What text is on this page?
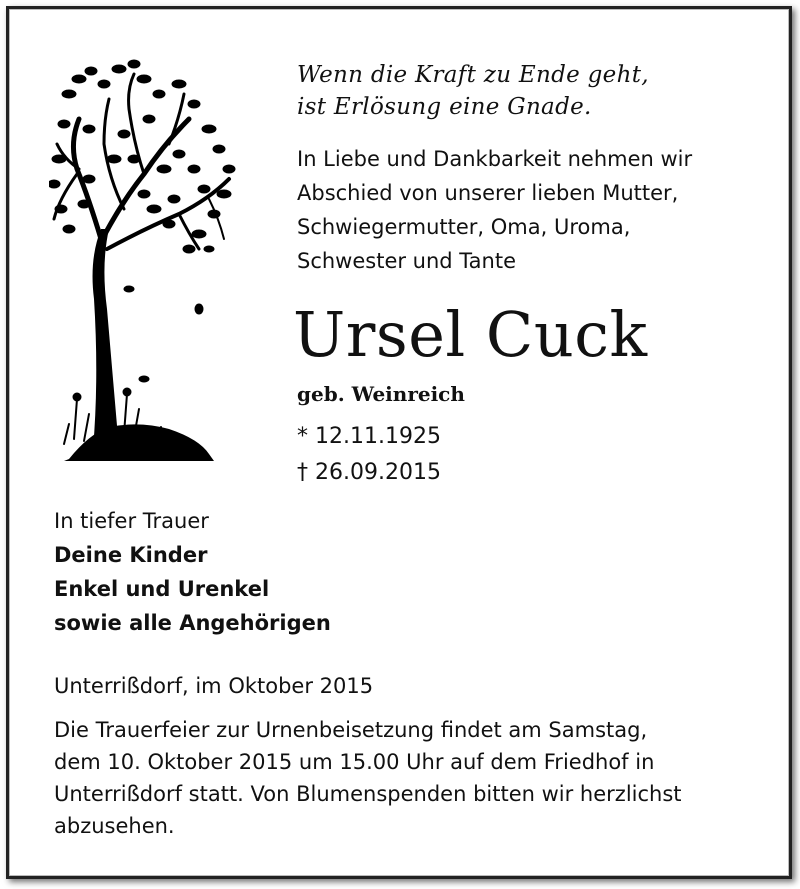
Wenn die Kraft zu Ende geht,
ist Erlösung eine Gnade.
In Liebe und Dankbarkeit nehmen wir
Abschied von unserer lieben Mutter,
Schwiegermutter, Oma, Uroma,
Schwester und Tante
Ursel Cuck
geb. Weinreich
* 12.11.1925
† 26.09.2015
In tiefer Trauer
Deine Kinder
Enkel und Urenkel
sowie alle Angehörigen
Unterrißdorf, im Oktober 2015
Die Trauerfeier zur Urnenbeisetzung findet am Samstag,
dem 10. Oktober 2015 um 15.00 Uhr auf dem Friedhof in
Unterrißdorf statt. Von Blumenspenden bitten wir herzlichst
abzusehen.
